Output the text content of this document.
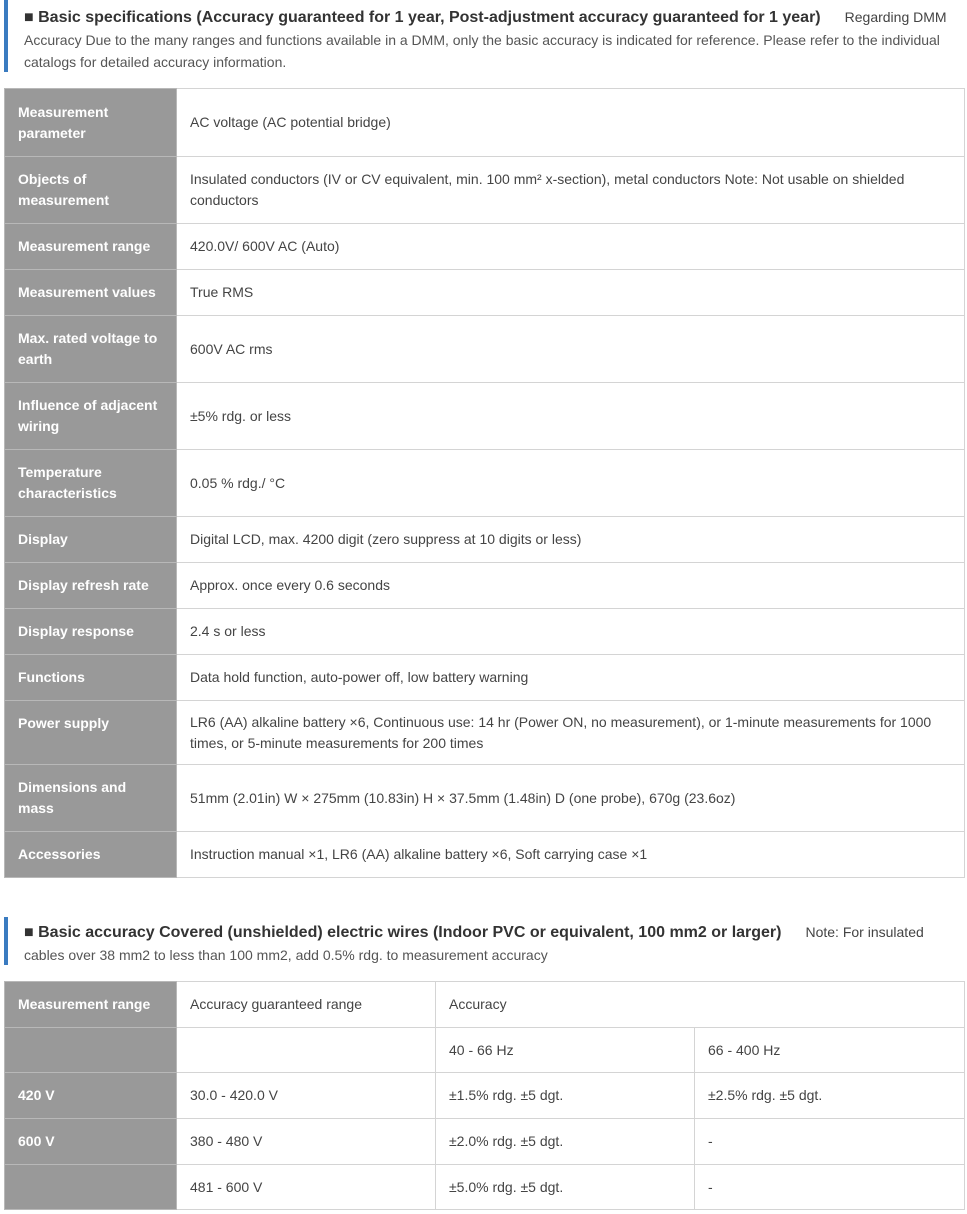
■ Basic specifications (Accuracy guaranteed for 1 year, Post-adjustment accuracy guaranteed for 1 year) Regarding DMM
Accuracy Due to the many ranges and functions available in a DMM, only the basic accuracy is indicated for reference. Please refer to the individual catalogs for detailed accuracy information.
Measurement parameter	AC voltage (AC potential bridge)
Objects of measurement	Insulated conductors (IV or CV equivalent, min. 100 mm² x-section), metal conductors Note: Not usable on shielded conductors
Measurement range	420.0V/ 600V AC (Auto)
Measurement values	True RMS
Max. rated voltage to earth	600V AC rms
Influence of adjacent wiring	±5% rdg. or less
Temperature characteristics	0.05 % rdg./ °C
Display	Digital LCD, max. 4200 digit (zero suppress at 10 digits or less)
Display refresh rate	Approx. once every 0.6 seconds
Display response	2.4 s or less
Functions	Data hold function, auto-power off, low battery warning
Power supply	LR6 (AA) alkaline battery ×6, Continuous use: 14 hr (Power ON, no measurement), or 1-minute measurements for 1000 times, or 5-minute measurements for 200 times
Dimensions and mass	51mm (2.01in) W × 275mm (10.83in) H × 37.5mm (1.48in) D (one probe), 670g (23.6oz)
Accessories	Instruction manual ×1, LR6 (AA) alkaline battery ×6, Soft carrying case ×1
■ Basic accuracy Covered (unshielded) electric wires (Indoor PVC or equivalent, 100 mm2 or larger) Note: For insulated
cables over 38 mm2 to less than 100 mm2, add 0.5% rdg. to measurement accuracy
Measurement range	Accuracy guaranteed range	Accuracy	
		40 - 66 Hz	66 - 400 Hz
420 V	30.0 - 420.0 V	±1.5% rdg. ±5 dgt.	±2.5% rdg. ±5 dgt.
600 V	380 - 480 V	±2.0% rdg. ±5 dgt.	-
	481 - 600 V	±5.0% rdg. ±5 dgt.	-
